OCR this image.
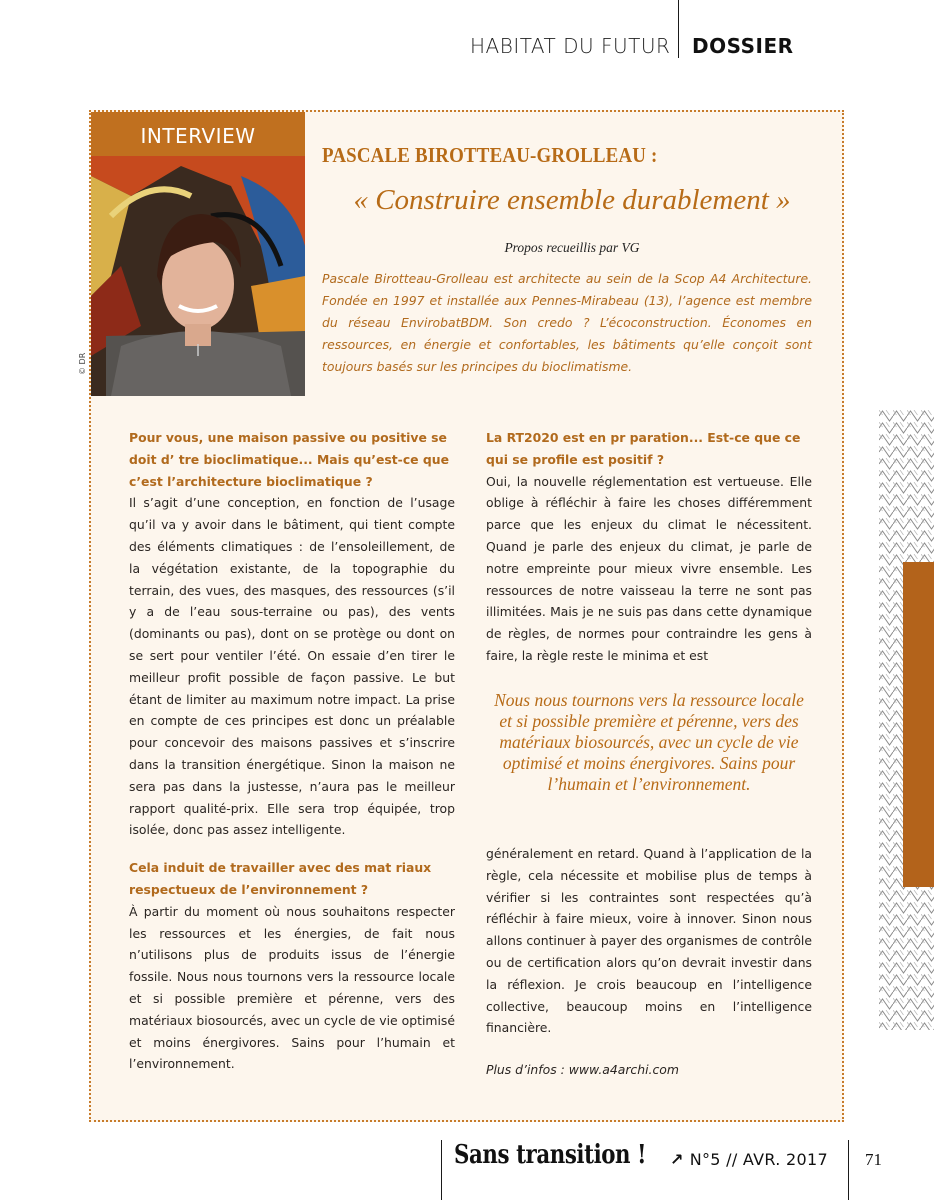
HABITAT DU FUTUR DOSSIER
INTERVIEW
© DR
PASCALE BIROTTEAU-GROLLEAU :
« Construire ensemble durablement »
Propos recueillis par VG
Pascale Birotteau-Grolleau est architecte au sein de la Scop A4 Architecture. Fondée en 1997 et installée aux Pennes-Mirabeau (13), l’agence est membre du réseau EnvirobatBDM. Son credo ? L’écoconstruction. Économes en ressources, en énergie et confortables, les bâtiments qu’elle conçoit sont toujours basés sur les principes du bioclimatisme.

Pour vous, une maison passive ou positive se doit d’ tre bioclimatique... Mais qu’est-ce que c’est l’architecture bioclimatique ?

Il s’agit d’une conception, en fonction de l’usage qu’il va y avoir dans le bâtiment, qui tient compte des éléments climatiques : de l’ensoleillement, de la végétation existante, de la topographie du terrain, des vues, des masques, des ressources (s’il y a de l’eau sous-terraine ou pas), des vents (dominants ou pas), dont on se protège ou dont on se sert pour ventiler l’été. On essaie d’en tirer le meilleur profit possible de façon passive. Le but étant de limiter au maximum notre impact. La prise en compte de ces principes est donc un préalable pour concevoir des maisons passives et s’inscrire dans la transition énergétique. Sinon la maison ne sera pas dans la justesse, n’aura pas le meilleur rapport qualité-prix. Elle sera trop équipée, trop isolée, donc pas assez intelligente.

Cela induit de travailler avec des mat riaux respectueux de l’environnement ?

À partir du moment où nous souhaitons respecter les ressources et les énergies, de fait nous n’utilisons plus de produits issus de l’énergie fossile. Nous nous tournons vers la ressource locale et si possible première et pérenne, vers des matériaux biosourcés, avec un cycle de vie optimisé et moins énergivores. Sains pour l’humain et l’environnement.

La RT2020 est en pr paration... Est-ce que ce qui se profile est positif ?

Oui, la nouvelle réglementation est vertueuse. Elle oblige à réfléchir à faire les choses différemment parce que les enjeux du climat le nécessitent. Quand je parle des enjeux du climat, je parle de notre empreinte pour mieux vivre ensemble. Les ressources de notre vaisseau la terre ne sont pas illimitées. Mais je ne suis pas dans cette dynamique de règles, de normes pour contraindre les gens à faire, la règle reste le minima et est

Nous nous tournons vers la ressource locale et si possible première et pérenne, vers des matériaux biosourcés, avec un cycle de vie optimisé et moins énergivores. Sains pour l’humain et l’environnement.
généralement en retard. Quand à l’application de la règle, cela nécessite et mobilise plus de temps à vérifier si les contraintes sont respectées qu’à réfléchir à faire mieux, voire à innover. Sinon nous allons continuer à payer des organismes de contrôle ou de certification alors qu’on devrait investir dans la réflexion. Je crois beaucoup en l’intelligence collective, beaucoup moins en l’intelligence financière.
Plus d’infos : www.a4archi.com
Sans transition ! ↗ N°5 // AVR. 2017 71
